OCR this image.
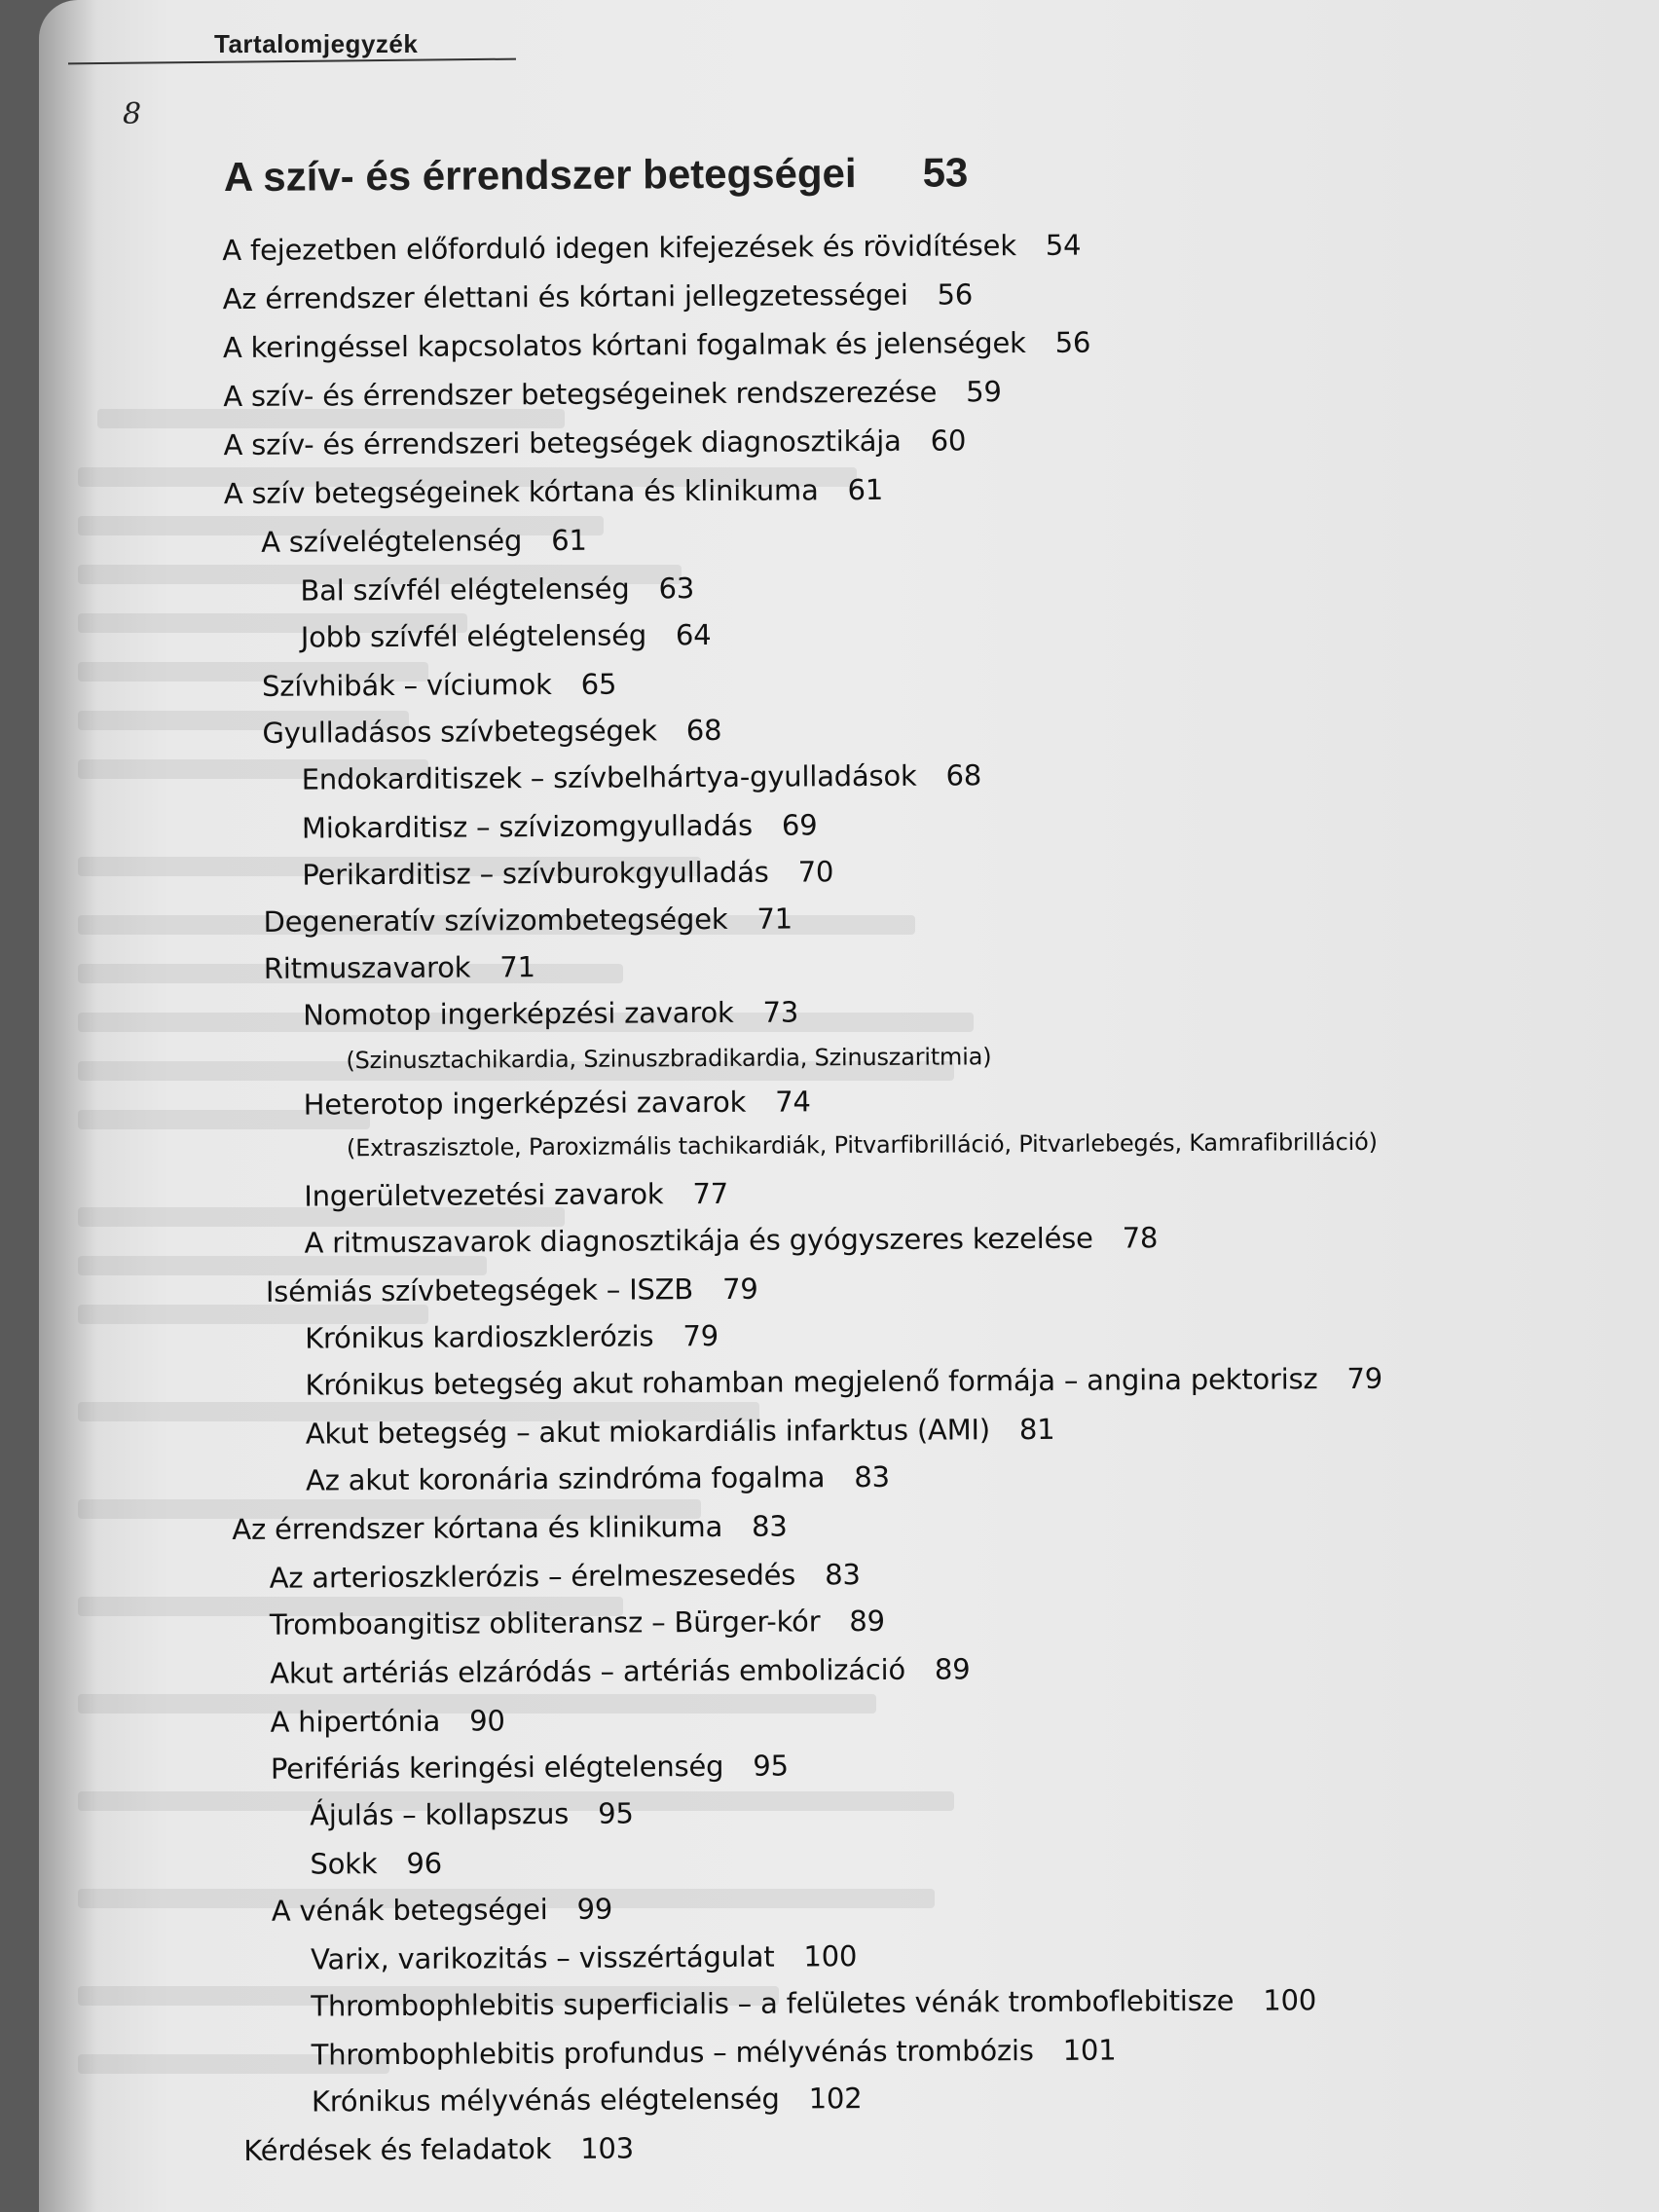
Tartalomjegyzék
8
A szív- és érrendszer betegségei 53
A fejezetben előforduló idegen kifejezések és rövidítések 54
Az érrendszer élettani és kórtani jellegzetességei 56
A keringéssel kapcsolatos kórtani fogalmak és jelenségek 56
A szív- és érrendszer betegségeinek rendszerezése 59
A szív- és érrendszeri betegségek diagnosztikája 60
A szív betegségeinek kórtana és klinikuma 61
A szívelégtelenség 61
Bal szívfél elégtelenség 63
Jobb szívfél elégtelenség 64
Szívhibák – víciumok 65
Gyulladásos szívbetegségek 68
Endokarditiszek – szívbelhártya-gyulladások 68
Miokarditisz – szívizomgyulladás 69
Perikarditisz – szívburokgyulladás 70
Degeneratív szívizombetegségek 71
Ritmuszavarok 71
Nomotop ingerképzési zavarok 73
(Szinusztachikardia, Szinuszbradikardia, Szinuszaritmia)
Heterotop ingerképzési zavarok 74
(Extraszisztole, Paroxizmális tachikardiák, Pitvarfibrilláció, Pitvarlebegés, Kamrafibrilláció)
Ingerületvezetési zavarok 77
A ritmuszavarok diagnosztikája és gyógyszeres kezelése 78
Isémiás szívbetegségek – ISZB 79
Krónikus kardioszklerózis 79
Krónikus betegség akut rohamban megjelenő formája – angina pektorisz 79
Akut betegség – akut miokardiális infarktus (AMI) 81
Az akut koronária szindróma fogalma 83
Az érrendszer kórtana és klinikuma 83
Az arterioszklerózis – érelmeszesedés 83
Tromboangitisz obliteransz – Bürger-kór 89
Akut artériás elzáródás – artériás embolizáció 89
A hipertónia 90
Perifériás keringési elégtelenség 95
Ájulás – kollapszus 95
Sokk 96
A vénák betegségei 99
Varix, varikozitás – visszértágulat 100
Thrombophlebitis superficialis – a felületes vénák tromboflebitisze 100
Thrombophlebitis profundus – mélyvénás trombózis 101
Krónikus mélyvénás elégtelenség 102
Kérdések és feladatok 103
